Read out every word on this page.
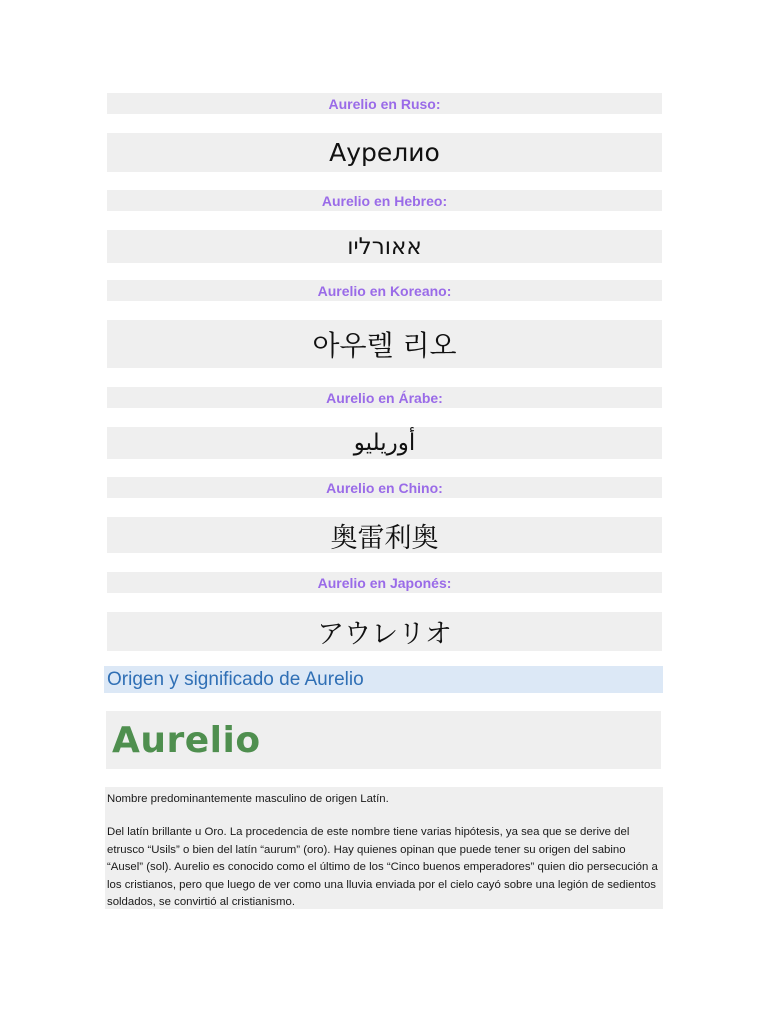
Aurelio en Ruso:
Аурелио
Aurelio en Hebreo:
אאורליו
Aurelio en Koreano:
아우렐 리오
Aurelio en Árabe:
أوريليو
Aurelio en Chino:
奥雷利奥
Aurelio en Japonés:
アウレリオ
Origen y significado de Aurelio
Aurelio

Nombre predominantemente masculino de origen Latín.

Del latín brillante u Oro. La procedencia de este nombre tiene varias hipótesis, ya sea que se derive del etrusco “Usils” o bien del latín “aurum” (oro). Hay quienes opinan que puede tener su origen del sabino “Ausel” (sol). Aurelio es conocido como el último de los “Cinco buenos emperadores” quien dio persecución a los cristianos, pero que luego de ver como una lluvia enviada por el cielo cayó sobre una legión de sedientos soldados, se convirtió al cristianismo.
